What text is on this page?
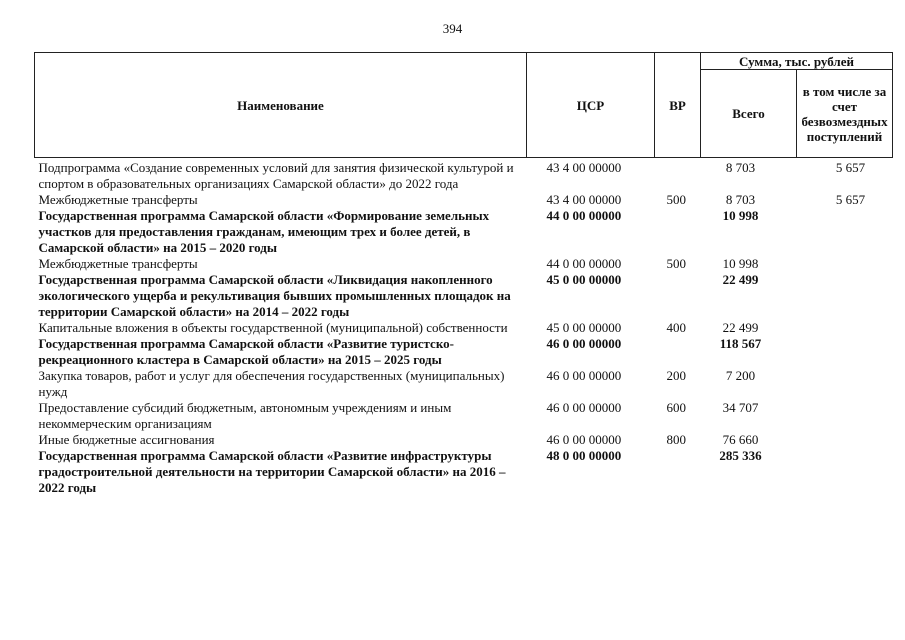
394
Наименование	ЦСР	ВР	Сумма, тыс. рублей	
			Всего	в том числе за счет безвозмездных поступлений
Подпрограмма «Создание современных условий для занятия физической культурой и спортом в образовательных организациях Самарской области» до 2022 года	43 4 00 00000		8 703	5 657
Межбюджетные трансферты	43 4 00 00000	500	8 703	5 657
Государственная программа Самарской области «Формирование земельных участков для предоставления гражданам, имеющим трех и более детей, в Самарской области» на 2015 – 2020 годы	44 0 00 00000		10 998	
Межбюджетные трансферты	44 0 00 00000	500	10 998	
Государственная программа Самарской области «Ликвидация накопленного экологического ущерба и рекультивация бывших промышленных площадок на территории Самарской области» на 2014 – 2022 годы	45 0 00 00000		22 499	
Капитальные вложения в объекты государственной (муниципальной) собственности	45 0 00 00000	400	22 499	
Государственная программа Самарской области «Развитие туристско-рекреационного кластера в Самарской области» на 2015 – 2025 годы	46 0 00 00000		118 567	
Закупка товаров, работ и услуг для обеспечения государственных (муниципальных) нужд	46 0 00 00000	200	7 200	
Предоставление субсидий бюджетным, автономным учреждениям и иным некоммерческим организациям	46 0 00 00000	600	34 707	
Иные бюджетные ассигнования	46 0 00 00000	800	76 660	
Государственная программа Самарской области «Развитие инфраструктуры градостроительной деятельности на территории Самарской области» на 2016 – 2022 годы	48 0 00 00000		285 336	
